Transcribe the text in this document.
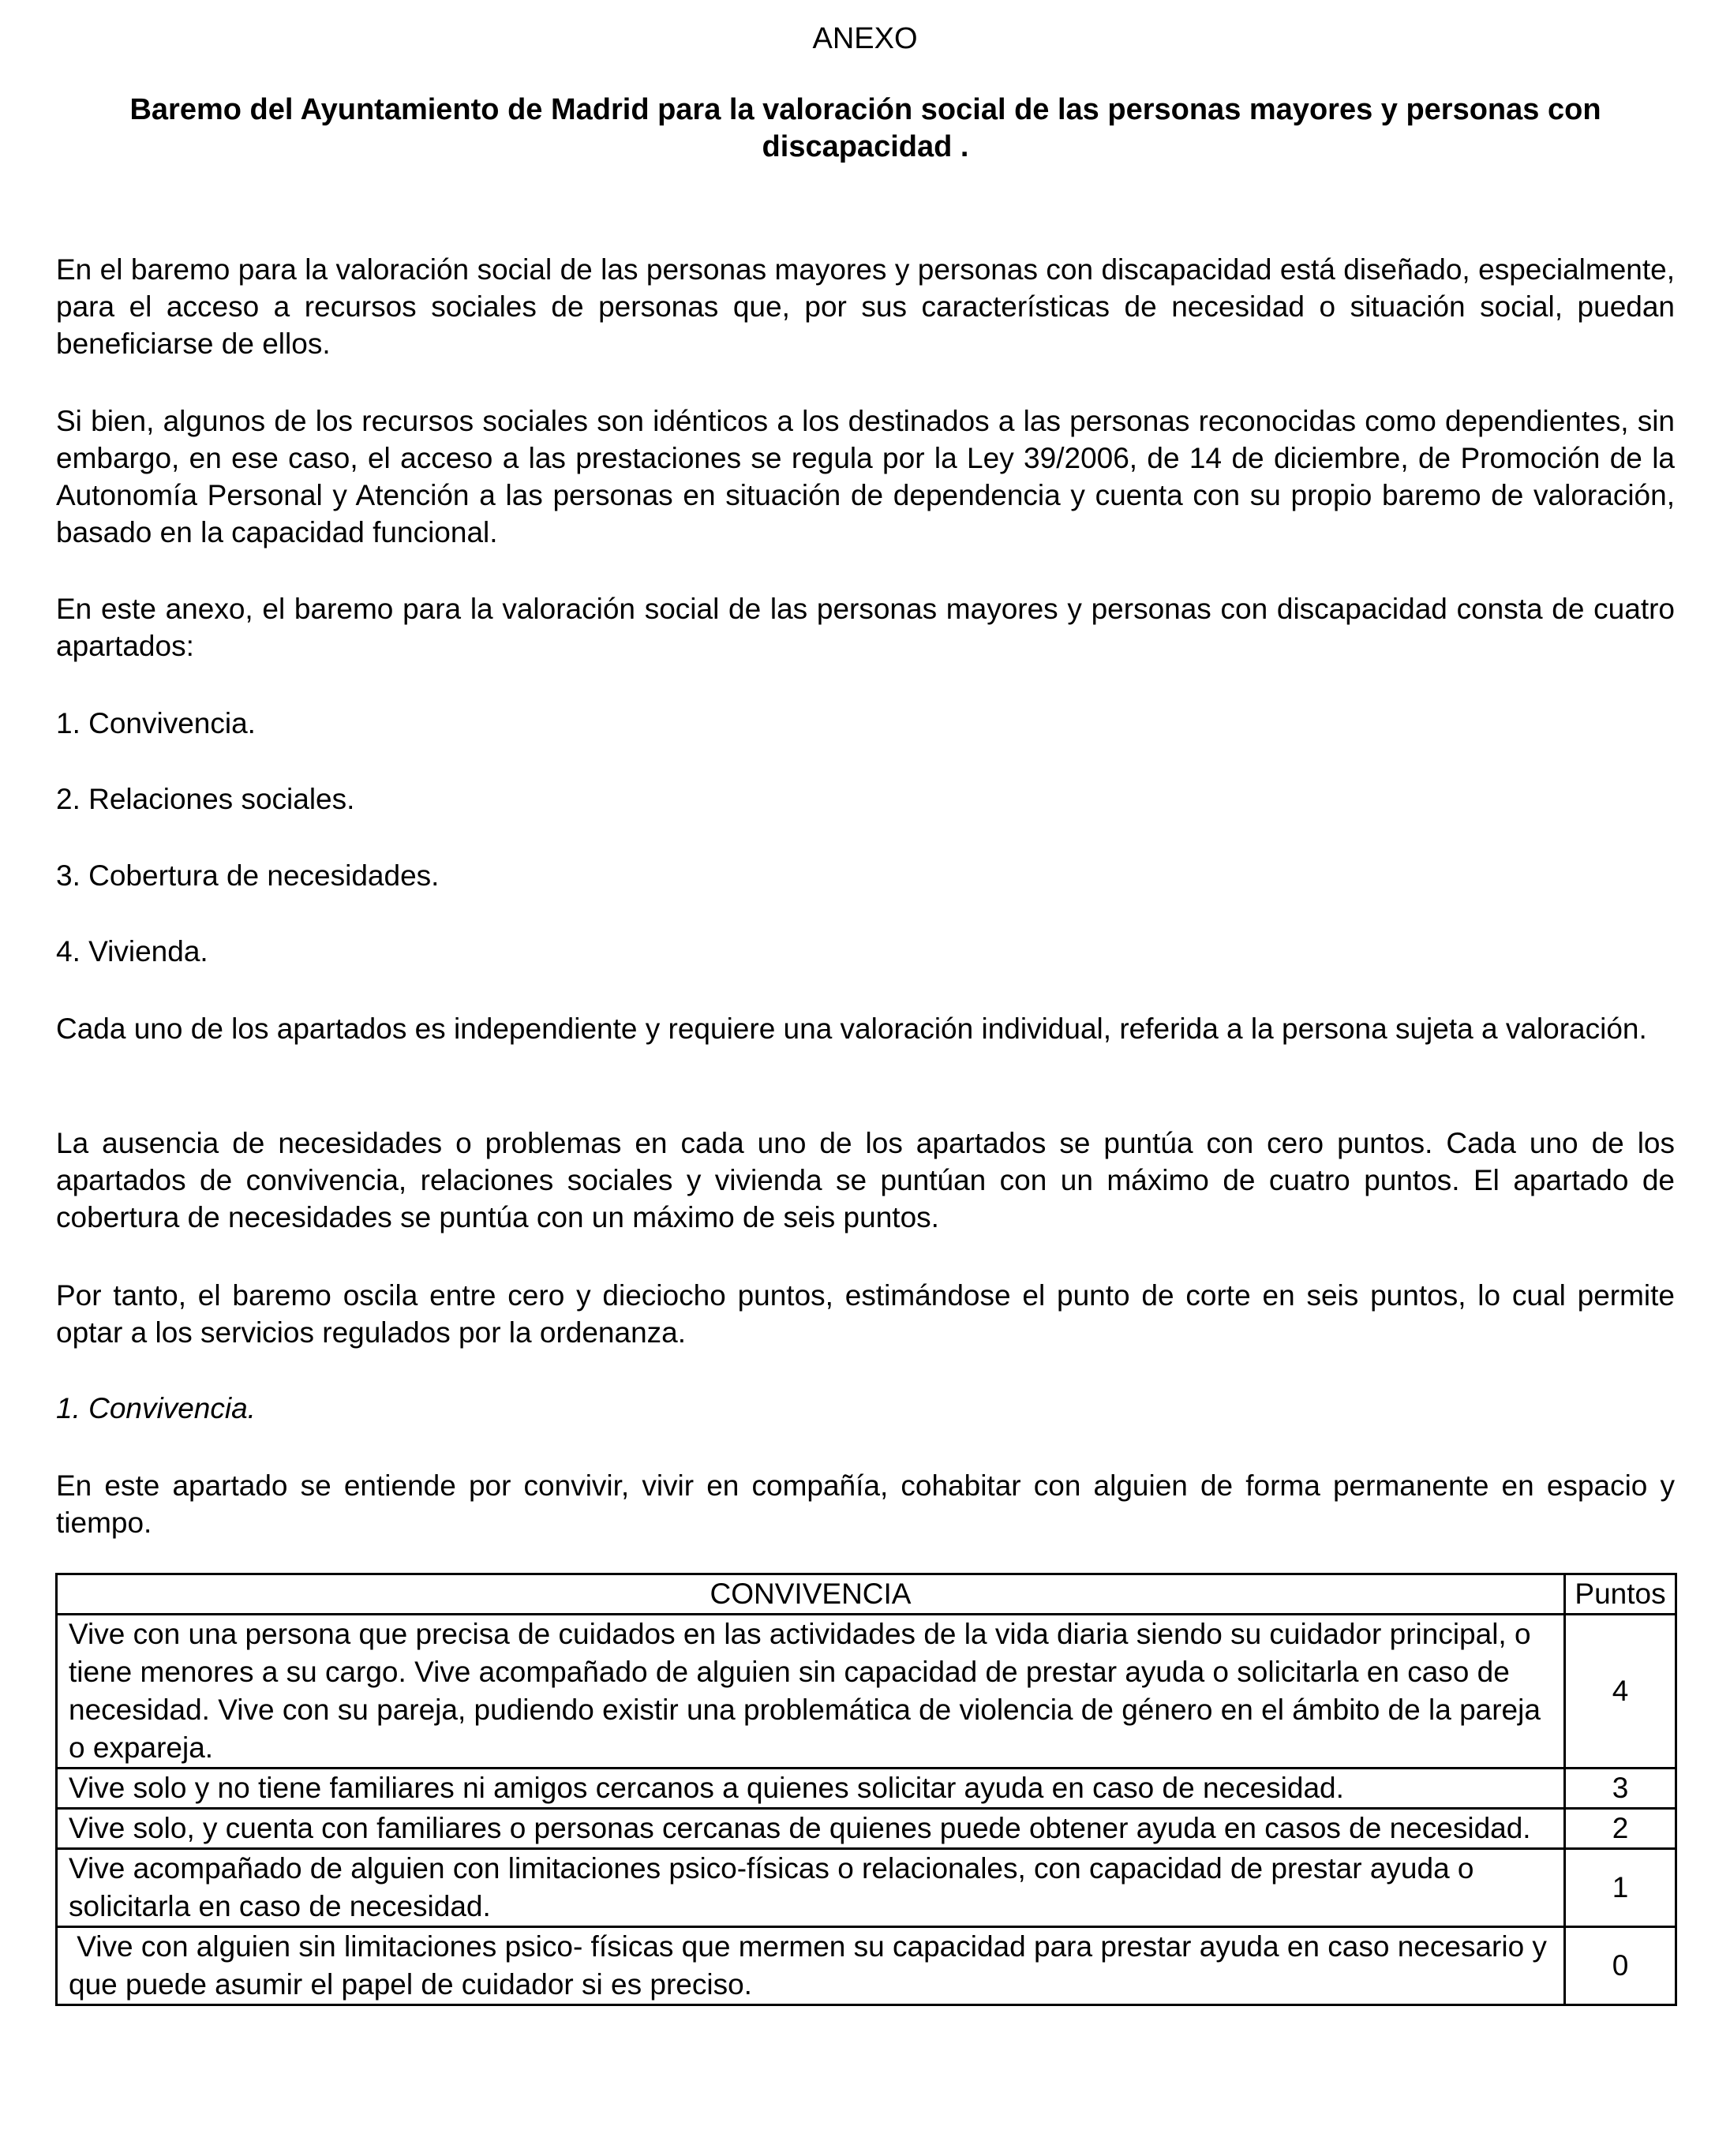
ANEXO
Baremo del Ayuntamiento de Madrid para la valoración social de las personas mayores y personas con discapacidad .

En el baremo para la valoración social de las personas mayores y personas con discapacidad está diseñado, especialmente, para el acceso a recursos sociales de personas que, por sus características de necesidad o situación social, puedan beneficiarse de ellos.

Si bien, algunos de los recursos sociales son idénticos a los destinados a las personas reconocidas como dependientes, sin embargo, en ese caso, el acceso a las prestaciones se regula por la Ley 39/2006, de 14 de diciembre, de Promoción de la Autonomía Personal y Atención a las personas en situación de dependencia y cuenta con su propio baremo de valoración, basado en la capacidad funcional.

En este anexo, el baremo para la valoración social de las personas mayores y personas con discapacidad consta de cuatro apartados:

1. Convivencia.

2. Relaciones sociales.

3. Cobertura de necesidades.

4. Vivienda.

Cada uno de los apartados es independiente y requiere una valoración individual, referida a la persona sujeta a valoración.

La ausencia de necesidades o problemas en cada uno de los apartados se puntúa con cero puntos. Cada uno de los apartados de convivencia, relaciones sociales y vivienda se puntúan con un máximo de cuatro puntos. El apartado de cobertura de necesidades se puntúa con un máximo de seis puntos.

Por tanto, el baremo oscila entre cero y dieciocho puntos, estimándose el punto de corte en seis puntos, lo cual permite optar a los servicios regulados por la ordenanza.

1. Convivencia.

En este apartado se entiende por convivir, vivir en compañía, cohabitar con alguien de forma permanente en espacio y tiempo.

CONVIVENCIA	Puntos
Vive con una persona que precisa de cuidados en las actividades de la vida diaria siendo su cuidador principal, o tiene menores a su cargo. Vive acompañado de alguien sin capacidad de prestar ayuda o solicitarla en caso de necesidad. Vive con su pareja, pudiendo existir una problemática de violencia de género en el ámbito de la pareja o expareja.	4
Vive solo y no tiene familiares ni amigos cercanos a quienes solicitar ayuda en caso de necesidad.	3
Vive solo, y cuenta con familiares o personas cercanas de quienes puede obtener ayuda en casos de necesidad.	2
Vive acompañado de alguien con limitaciones psico-físicas o relacionales, con capacidad de prestar ayuda o solicitarla en caso de necesidad.	1
Vive con alguien sin limitaciones psico- físicas que mermen su capacidad para prestar ayuda en caso necesario y que puede asumir el papel de cuidador si es preciso.	0
